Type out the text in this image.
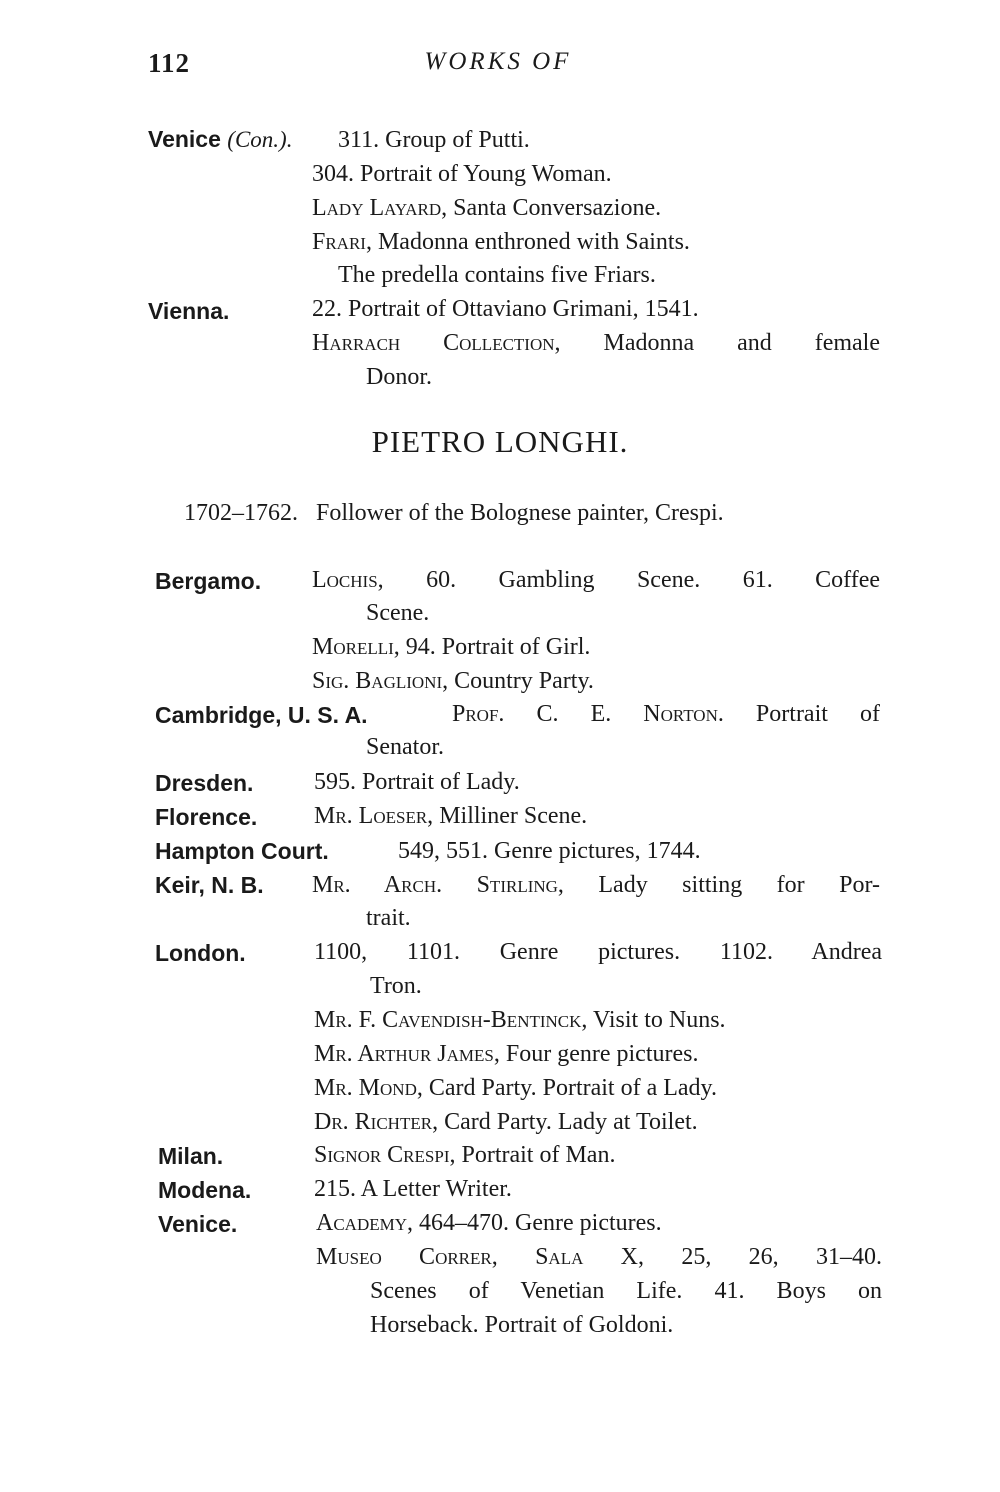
112	WORKS OF
Venice (Con.). 311. Group of Putti.
304. Portrait of Young Woman.
Lady Layard, Santa Conversazione.
Frari, Madonna enthroned with Saints.
The predella contains five Friars.
Vienna.	22. Portrait of Ottaviano Grimani, 1541.
Harrach Collection, Madonna and female
Donor.
PIETRO LONGHI.
1702–1762. Follower of the Bolognese painter, Crespi.
Bergamo. Lochis, 60. Gambling Scene. 61. Coffee
Scene.
Morelli, 94. Portrait of Girl.
Sig. Baglioni, Country Party.
Cambridge, U. S. A.	Prof. C. E. Norton. Portrait of
Senator.
Dresden.	595. Portrait of Lady.
Florence. Mr. Loeser, Milliner Scene.
Hampton Court.	549, 551. Genre pictures, 1744.
Keir, N. B. Mr. Arch. Stirling, Lady sitting for Por-
trait.
London.	1100, 1101. Genre pictures. 1102. Andrea
Tron.
Mr. F. Cavendish-Bentinck, Visit to Nuns.
Mr. Arthur James, Four genre pictures.
Mr. Mond, Card Party. Portrait of a Lady.
Dr. Richter, Card Party. Lady at Toilet.
Milan.	Signor Crespi, Portrait of Man.
Modena.	215. A Letter Writer.
Venice.	Academy, 464–470. Genre pictures.
Museo Correr, Sala X, 25, 26, 31–40.
Scenes of Venetian Life. 41. Boys on
Horseback. Portrait of Goldoni.
